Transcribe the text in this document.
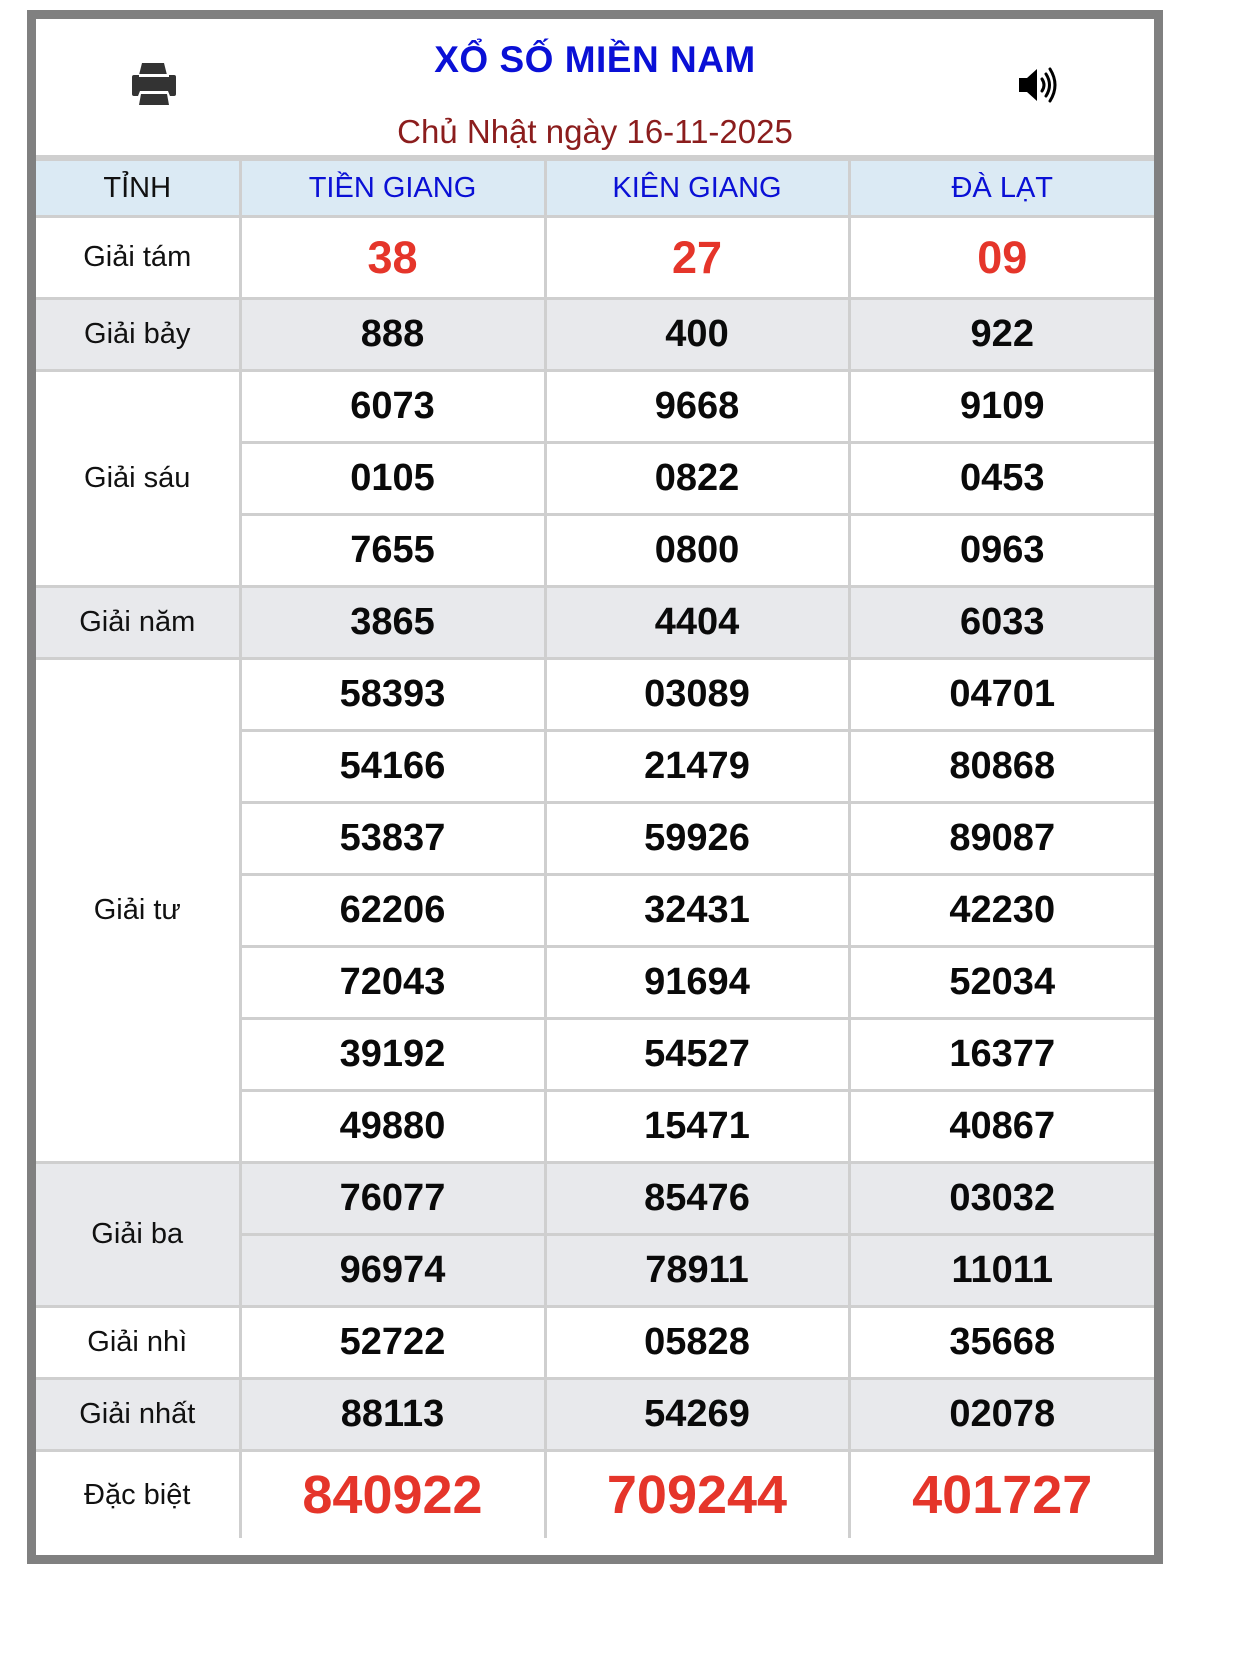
XỔ SỐ MIỀN NAM
Chủ Nhật ngày 16-11-2025
TỈNH	TIỀN GIANG	KIÊN GIANG	ĐÀ LẠT
Giải tám	38	27	09
Giải bảy	888	400	922
Giải sáu	6073	9668	9109
	0105	0822	0453
	7655	0800	0963
Giải năm	3865	4404	6033
Giải tư	58393	03089	04701
	54166	21479	80868
	53837	59926	89087
	62206	32431	42230
	72043	91694	52034
	39192	54527	16377
	49880	15471	40867
Giải ba	76077	85476	03032
	96974	78911	11011
Giải nhì	52722	05828	35668
Giải nhất	88113	54269	02078
Đặc biệt	840922	709244	401727
